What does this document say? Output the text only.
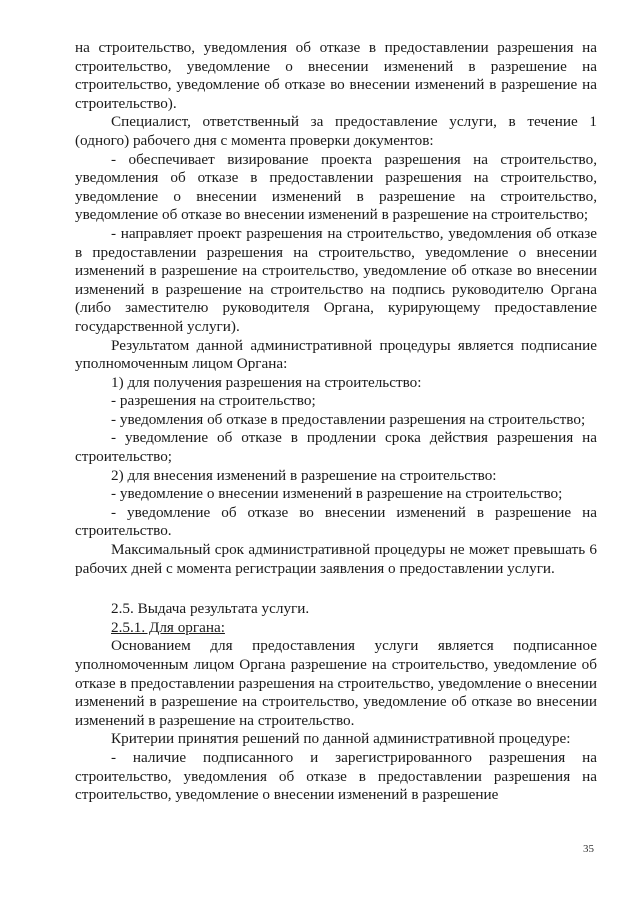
на строительство, уведомления об отказе в предоставлении разрешения на строительство, уведомление о внесении изменений в разрешение на строительство, уведомление об отказе во внесении изменений в разрешение на строительство).

Специалист, ответственный за предоставление услуги, в течение 1 (одного) рабочего дня с момента проверки документов:

- обеспечивает визирование проекта разрешения на строительство, уведомления об отказе в предоставлении разрешения на строительство, уведомление о внесении изменений в разрешение на строительство, уведомление об отказе во внесении изменений в разрешение на строительство;

- направляет проект разрешения на строительство, уведомления об отказе в предоставлении разрешения на строительство, уведомление о внесении изменений в разрешение на строительство, уведомление об отказе во внесении изменений в разрешение на строительство на подпись руководителю Органа (либо заместителю руководителя Органа, курирующему предоставление государственной услуги).

Результатом данной административной процедуры является подписание уполномоченным лицом Органа:

1) для получения разрешения на строительство:

- разрешения на строительство;

- уведомления об отказе в предоставлении разрешения на строительство;

- уведомление об отказе в продлении срока действия разрешения на строительство;

2) для внесения изменений в разрешение на строительство:

- уведомление о внесении изменений в разрешение на строительство;

- уведомление об отказе во внесении изменений в разрешение на строительство.

Максимальный срок административной процедуры не может превышать 6 рабочих дней с момента регистрации заявления о предоставлении услуги.

2.5. Выдача результата услуги.

2.5.1. Для органа:

Основанием для предоставления услуги является подписанное уполномоченным лицом Органа разрешение на строительство, уведомление об отказе в предоставлении разрешения на строительство, уведомление о внесении изменений в разрешение на строительство, уведомление об отказе во внесении изменений в разрешение на строительство.

Критерии принятия решений по данной административной процедуре:

- наличие подписанного и зарегистрированного разрешения на строительство, уведомления об отказе в предоставлении разрешения на строительство, уведомление о внесении изменений в разрешение

35
